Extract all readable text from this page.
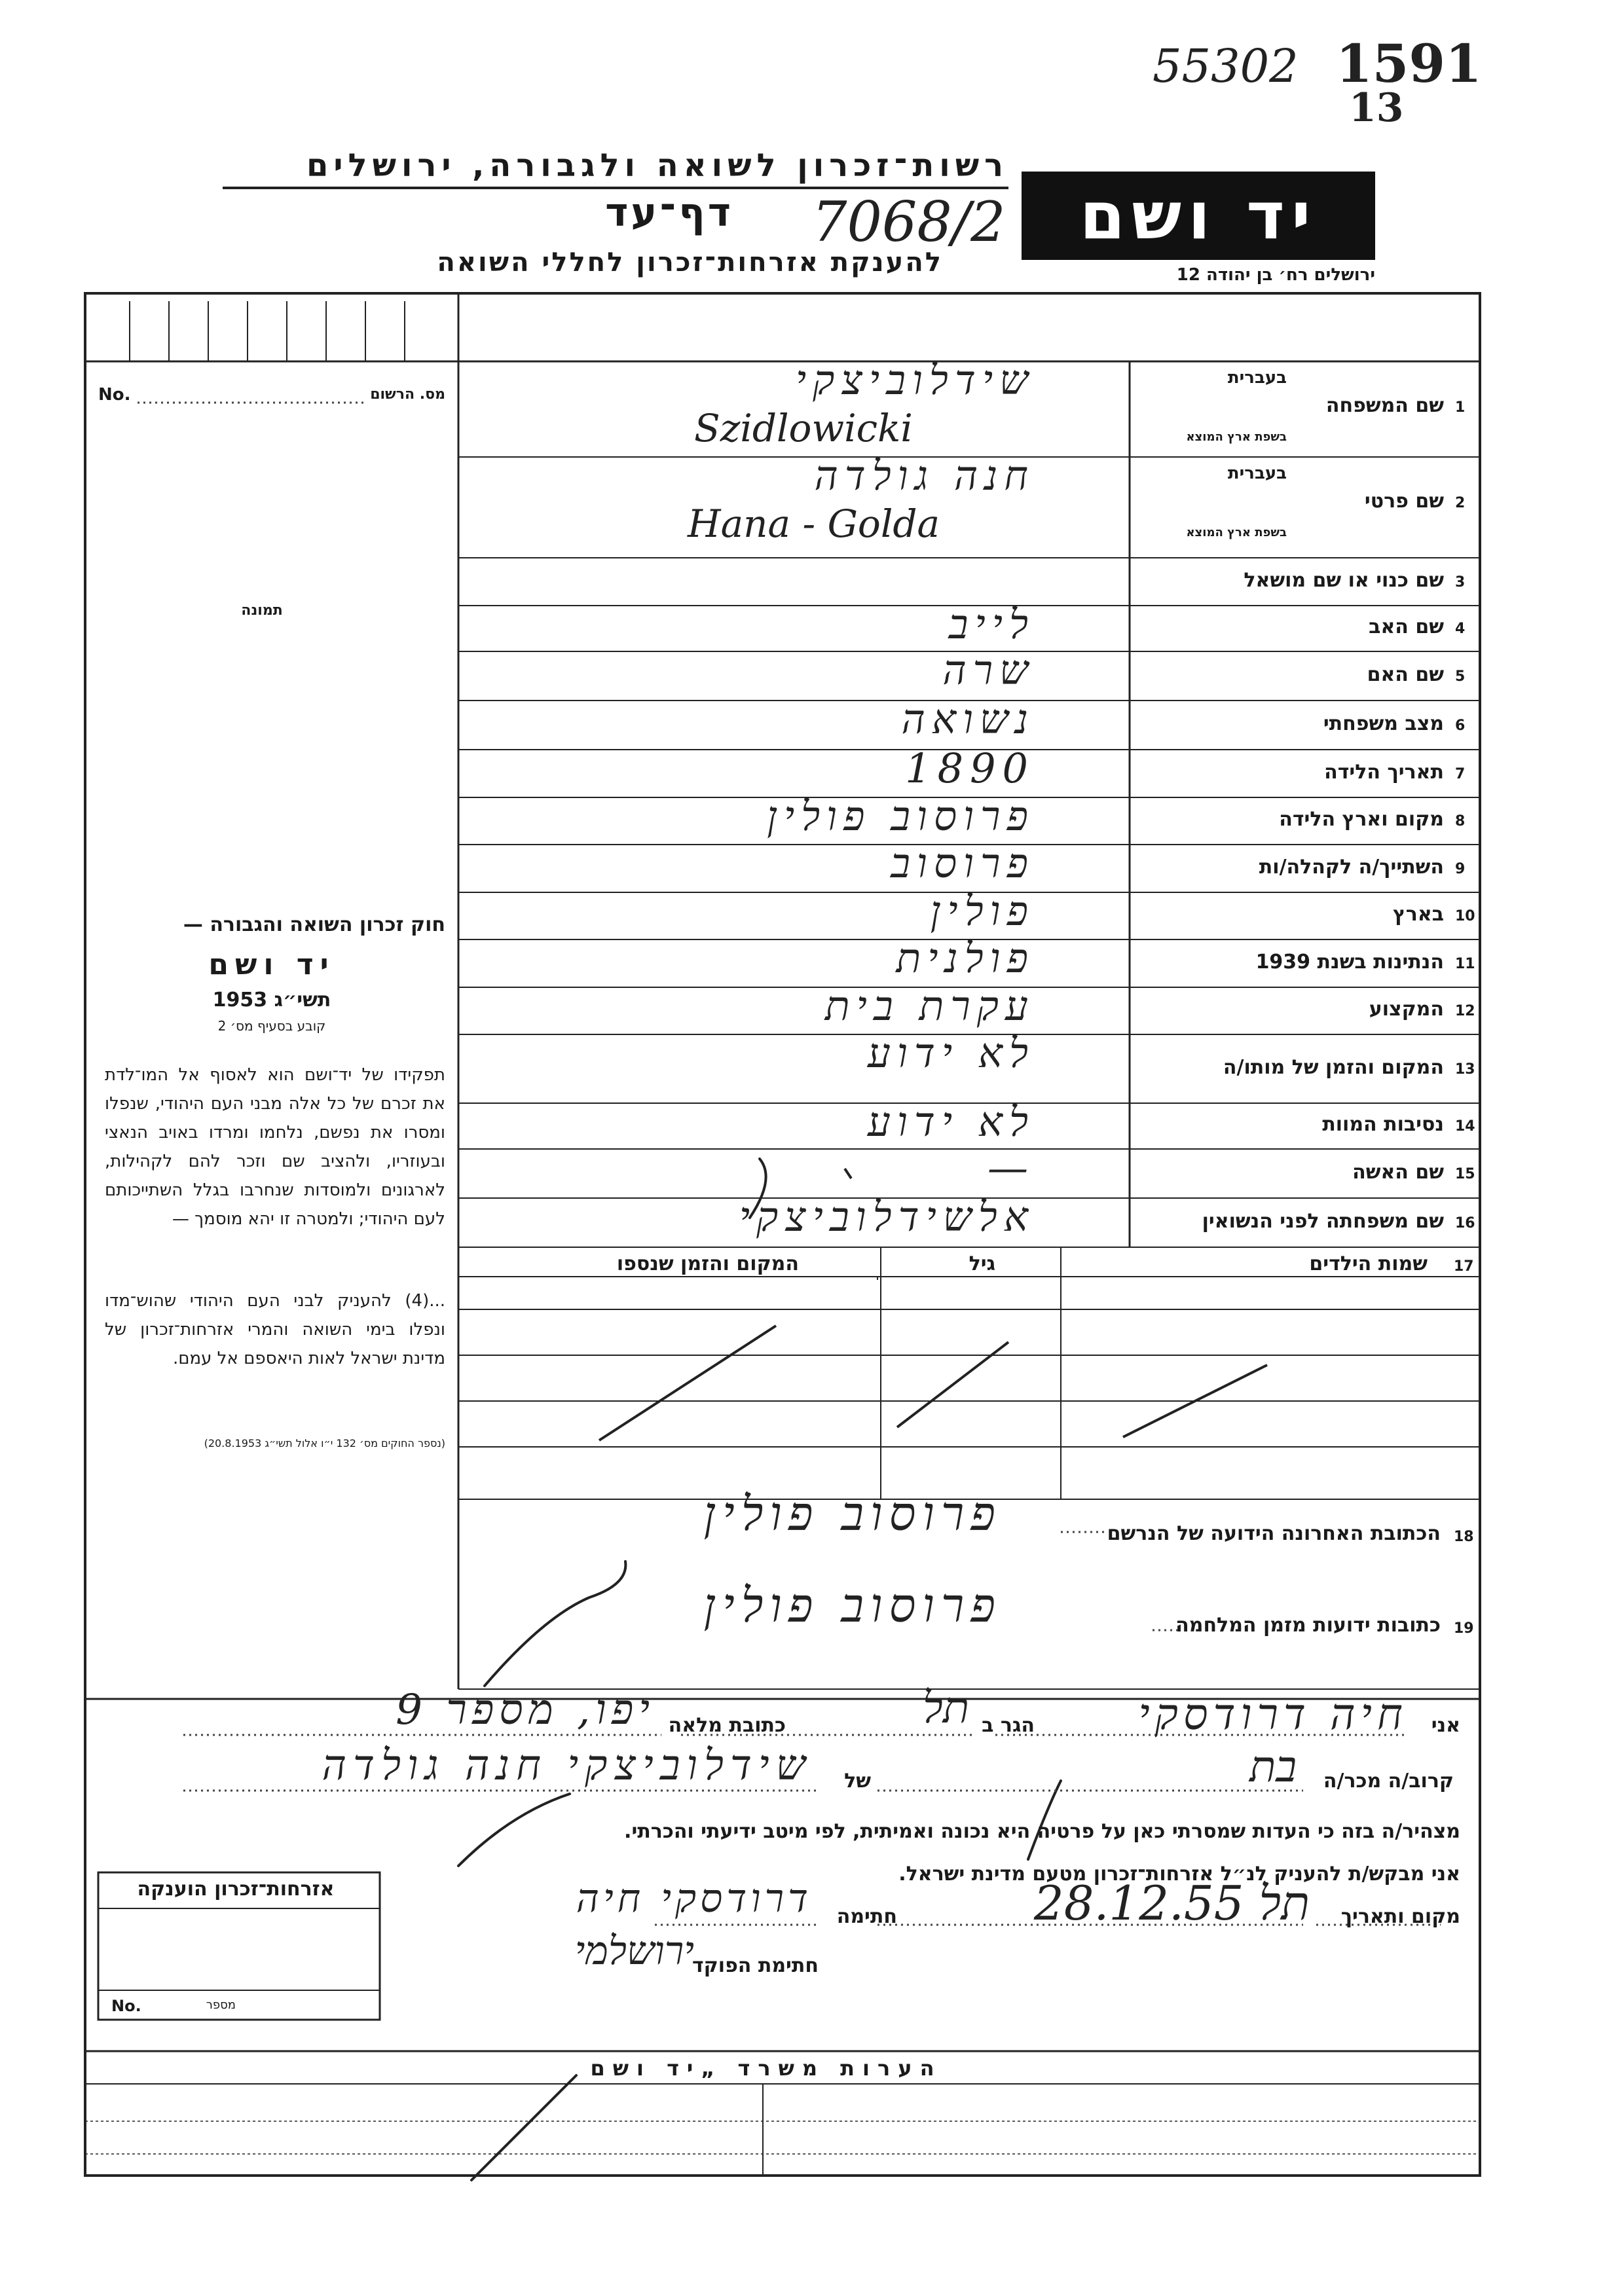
55302 1591
13
רשות־זכרון לשואה ולגבורה, ירושלים
דף־עד 7068/2
להענקת אזרחות־זכרון לחללי השואה
יד ושם
ירושלים רח׳ בן יהודה 12
No.	מס. הרשום
תמונה
חוק זכרון השואה והגבורה —
יד ושם
תשי״ג 1953
קובע בסעיף מס׳ 2
תפקידו של יד־ושם הוא לאסוף אל המו־לדת את זכרם של כל אלה מבני העם היהודי, שנפלו ומסרו את נפשם, נלחמו ומרדו באויב הנאצי ובעוזריו, ולהציב שם וזכר להם לקהילות, לארגונים ולמוסדות שנחרבו בגלל השתייכותם לעם היהודי; ולמטרה זו יהא מוסמך —
...(4) להעניק לבני העם היהודי שהוש־מדו ונפלו בימי השואה והמרי אזרחות־זכרון של מדינת ישראל לאות היאספם אל עמם.
(נספר החוקים מס׳ 132 י״ו אלול תשי״ג 20.8.1953)
1
שם המשפחה
בעברית
בשפת ארץ המוצא
שידלוביצקי
Szidlowicki
2
שם פרטי
בעברית
בשפת ארץ המוצא
חנה גולדה
Hana - Golda
3
שם כנוי או שם מושאל
4
שם האב
לייב
5
שם האם
שרה
6
מצב משפחתי
נשואה
7
תאריך הלידה
1890
8
מקום וארץ הלידה
פרוסוב פולין
9
השתייך/ה לקהלה/ות
פרוסוב
10
בארץ
פולין
11
הנתינות בשנת 1939
פולנית
12
המקצוע
עקרת בית
13
המקום והזמן של מותו/ה
לא ידוע
14
נסיבות המוות
לא ידוע
15
שם האשה
—
16
שם משפחתה לפני הנשואין
אלשידלוביצקי
17
שמות הילדים
גיל
המקום והזמן שנספו
18
הכתובת האחרונה הידועה של הנרשם
פרוסוב פולין
19
כתובות ידועות מזמן המלחמה
פרוסוב פולין
אני
חיה דרודסקי
הגר ב
תל
כתובת מלאה
יפו, מספר 9
קרוב/ה מכר/ה
בת
של
שידלוביצקי חנה גולדה
מצהיר/ה בזה כי העדות שמסרתי כאן על פרטיה היא נכונה ואמיתית, לפי מיטב ידיעתי והכרתי.
אני מבקש/ת להעניק לנ״ל אזרחות־זכרון מטעם מדינת ישראל.
מקום ותאריך
תל 28.12.55
חתימה
דרודסקי חיה
חתימת הפוקד
ירושלמי
אזרחות־זכרון הוענקה
No.	מספר
הערות משרד „יד ושם
